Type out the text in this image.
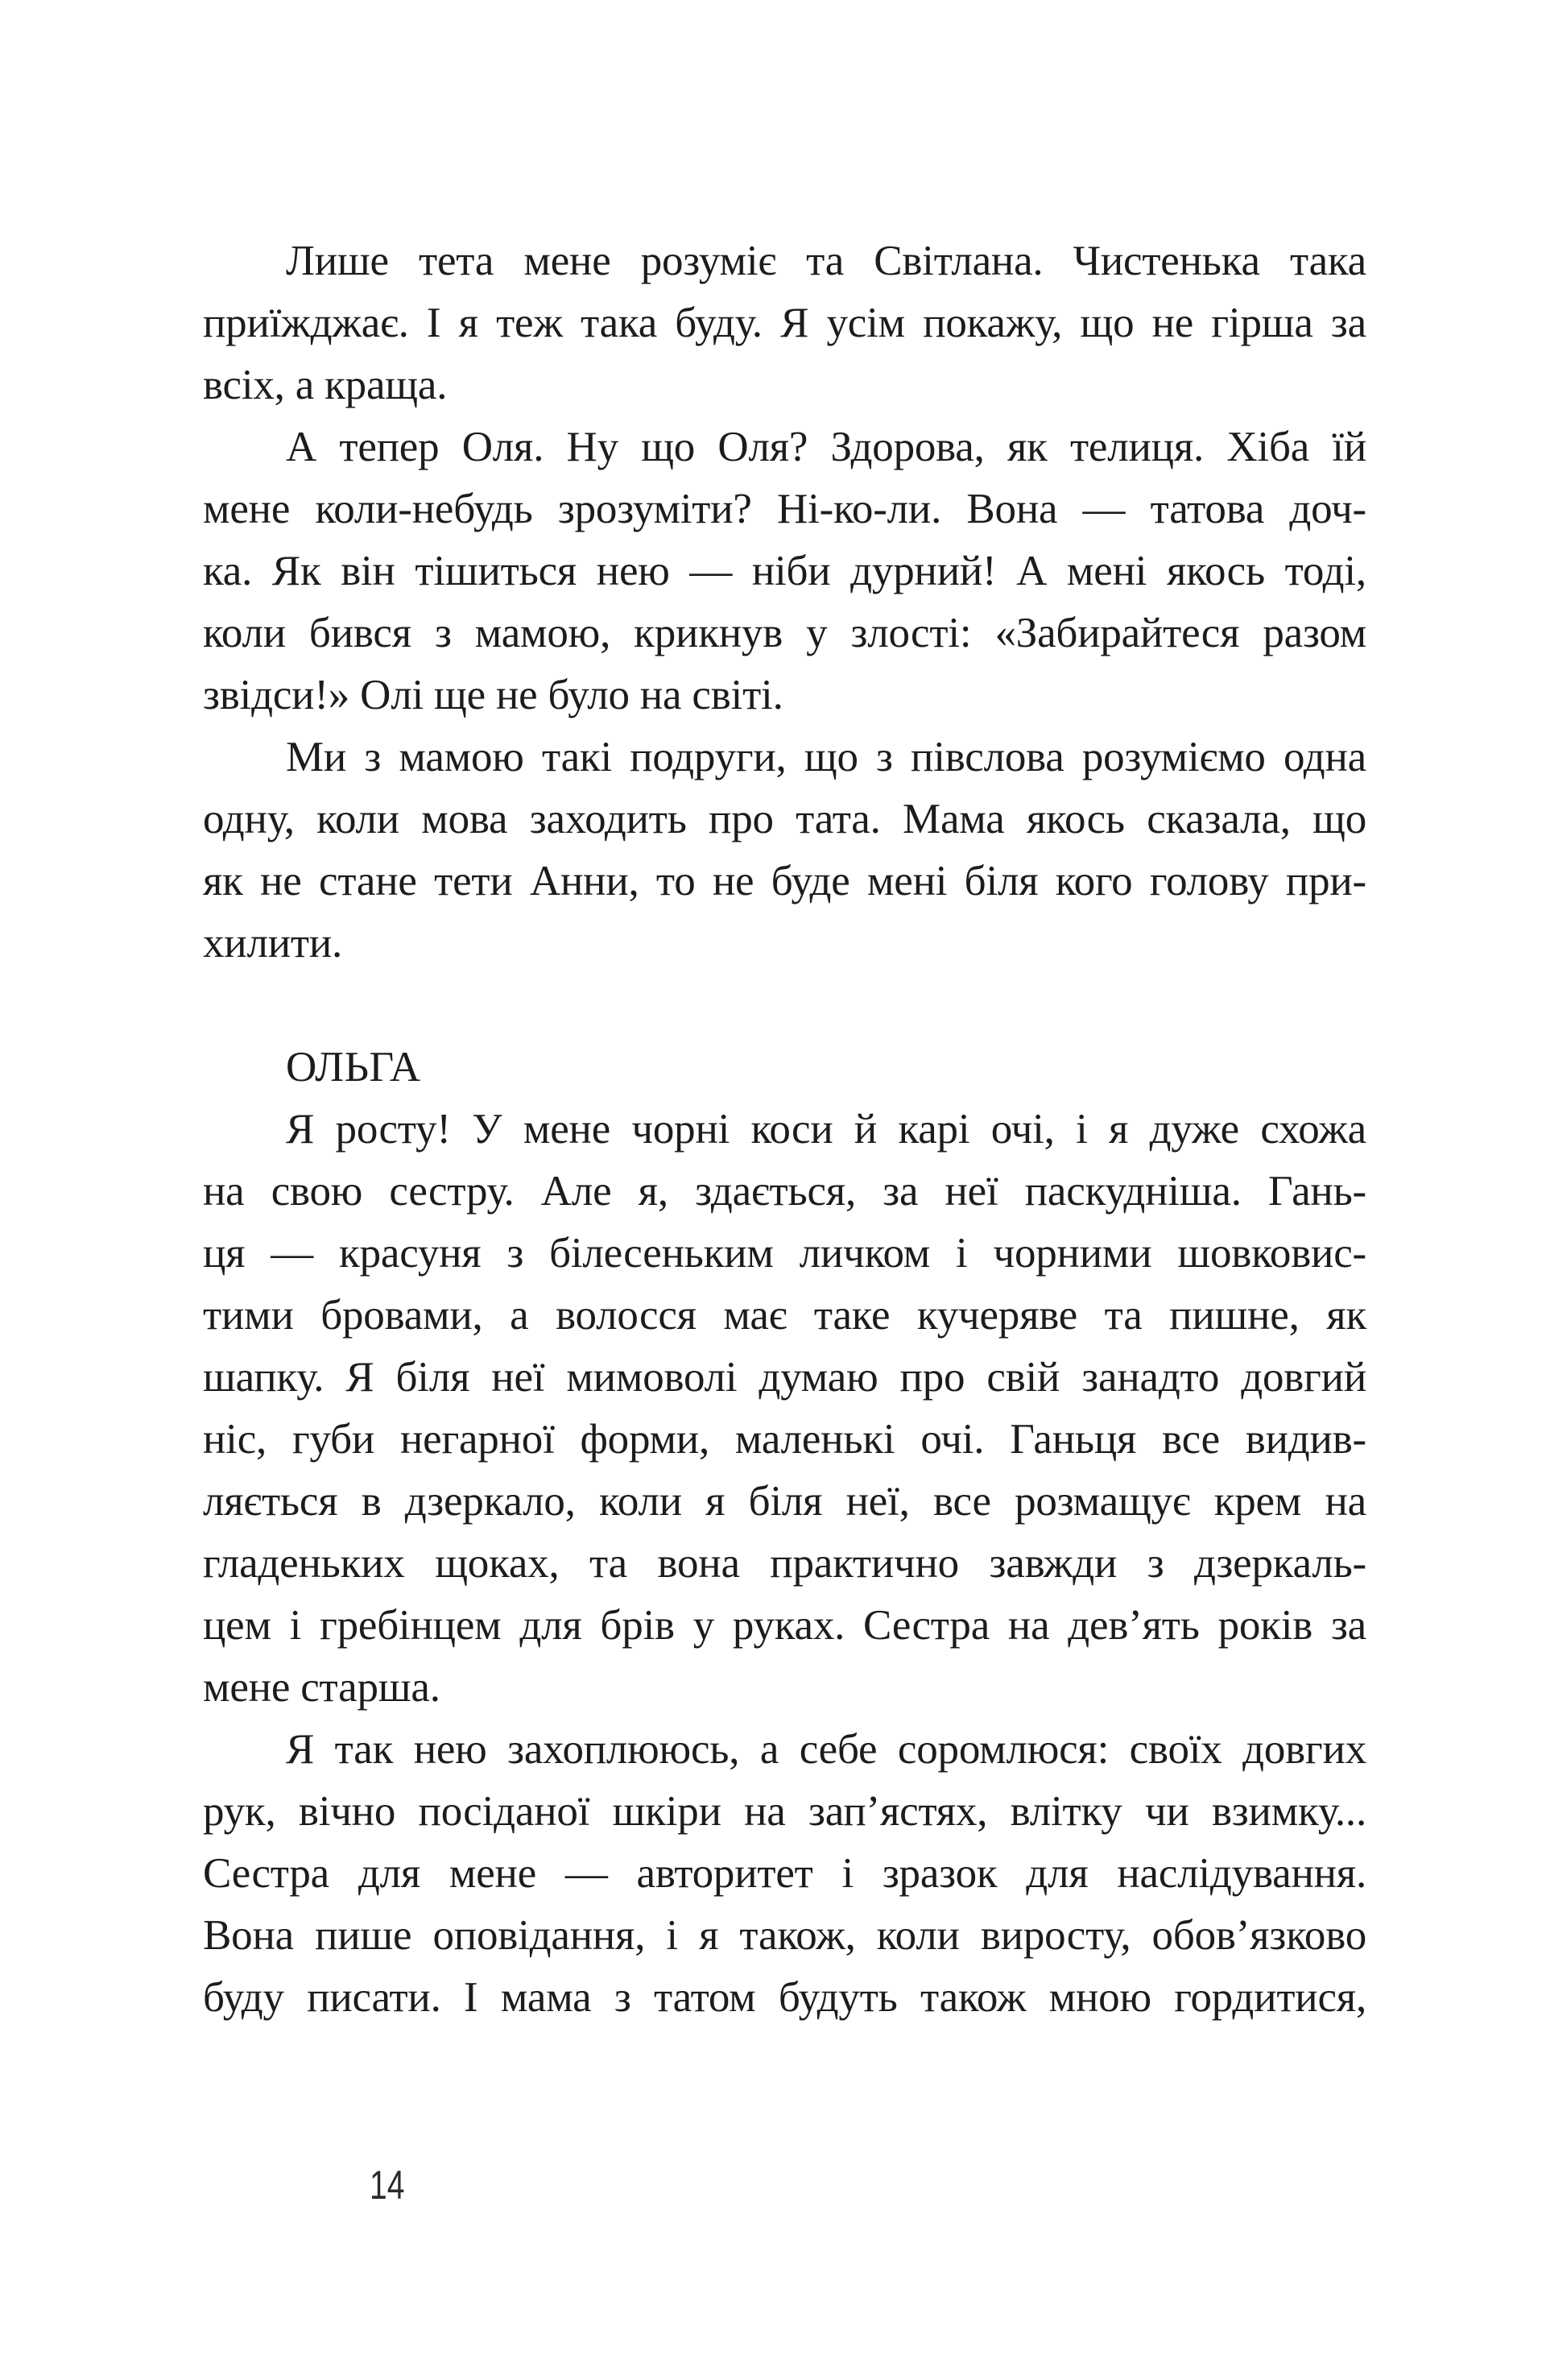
Лише тета мене розуміє та Світлана. Чистенька така
приїжджає. І я теж така буду. Я усім покажу, що не гірша за
всіх, а краща.
А тепер Оля. Ну що Оля? Здорова, як телиця. Хіба їй
мене коли-небудь зрозуміти? Ні-ко-ли. Вона — татова доч-
ка. Як він тішиться нею — ніби дурний! А мені якось тоді,
коли бився з мамою, крикнув у злості: «Забирайтеся разом
звідси!» Олі ще не було на світі.
Ми з мамою такі подруги, що з півслова розуміємо одна
одну, коли мова заходить про тата. Мама якось сказала, що
як не стане тети Анни, то не буде мені біля кого голову при-
хилити.
ОЛЬГА
Я росту! У мене чорні коси й карі очі, і я дуже схожа
на свою сестру. Але я, здається, за неї паскудніша. Гань-
ця — красуня з білесеньким личком і чорними шовковис-
тими бровами, а волосся має таке кучеряве та пишне, як
шапку. Я біля неї мимоволі думаю про свій занадто довгий
ніс, губи негарної форми, маленькі очі. Ганьця все видив-
ляється в дзеркало, коли я біля неї, все розмащує крем на
гладеньких щоках, та вона практично завжди з дзеркаль-
цем і гребінцем для брів у руках. Сестра на дев’ять років за
мене старша.
Я так нею захоплююсь, а себе соромлюся: своїх довгих
рук, вічно посіданої шкіри на зап’ястях, влітку чи взимку...
Сестра для мене — авторитет і зразок для наслідування.
Вона пише оповідання, і я також, коли виросту, обов’язково
буду писати. І мама з татом будуть також мною гордитися,
14
